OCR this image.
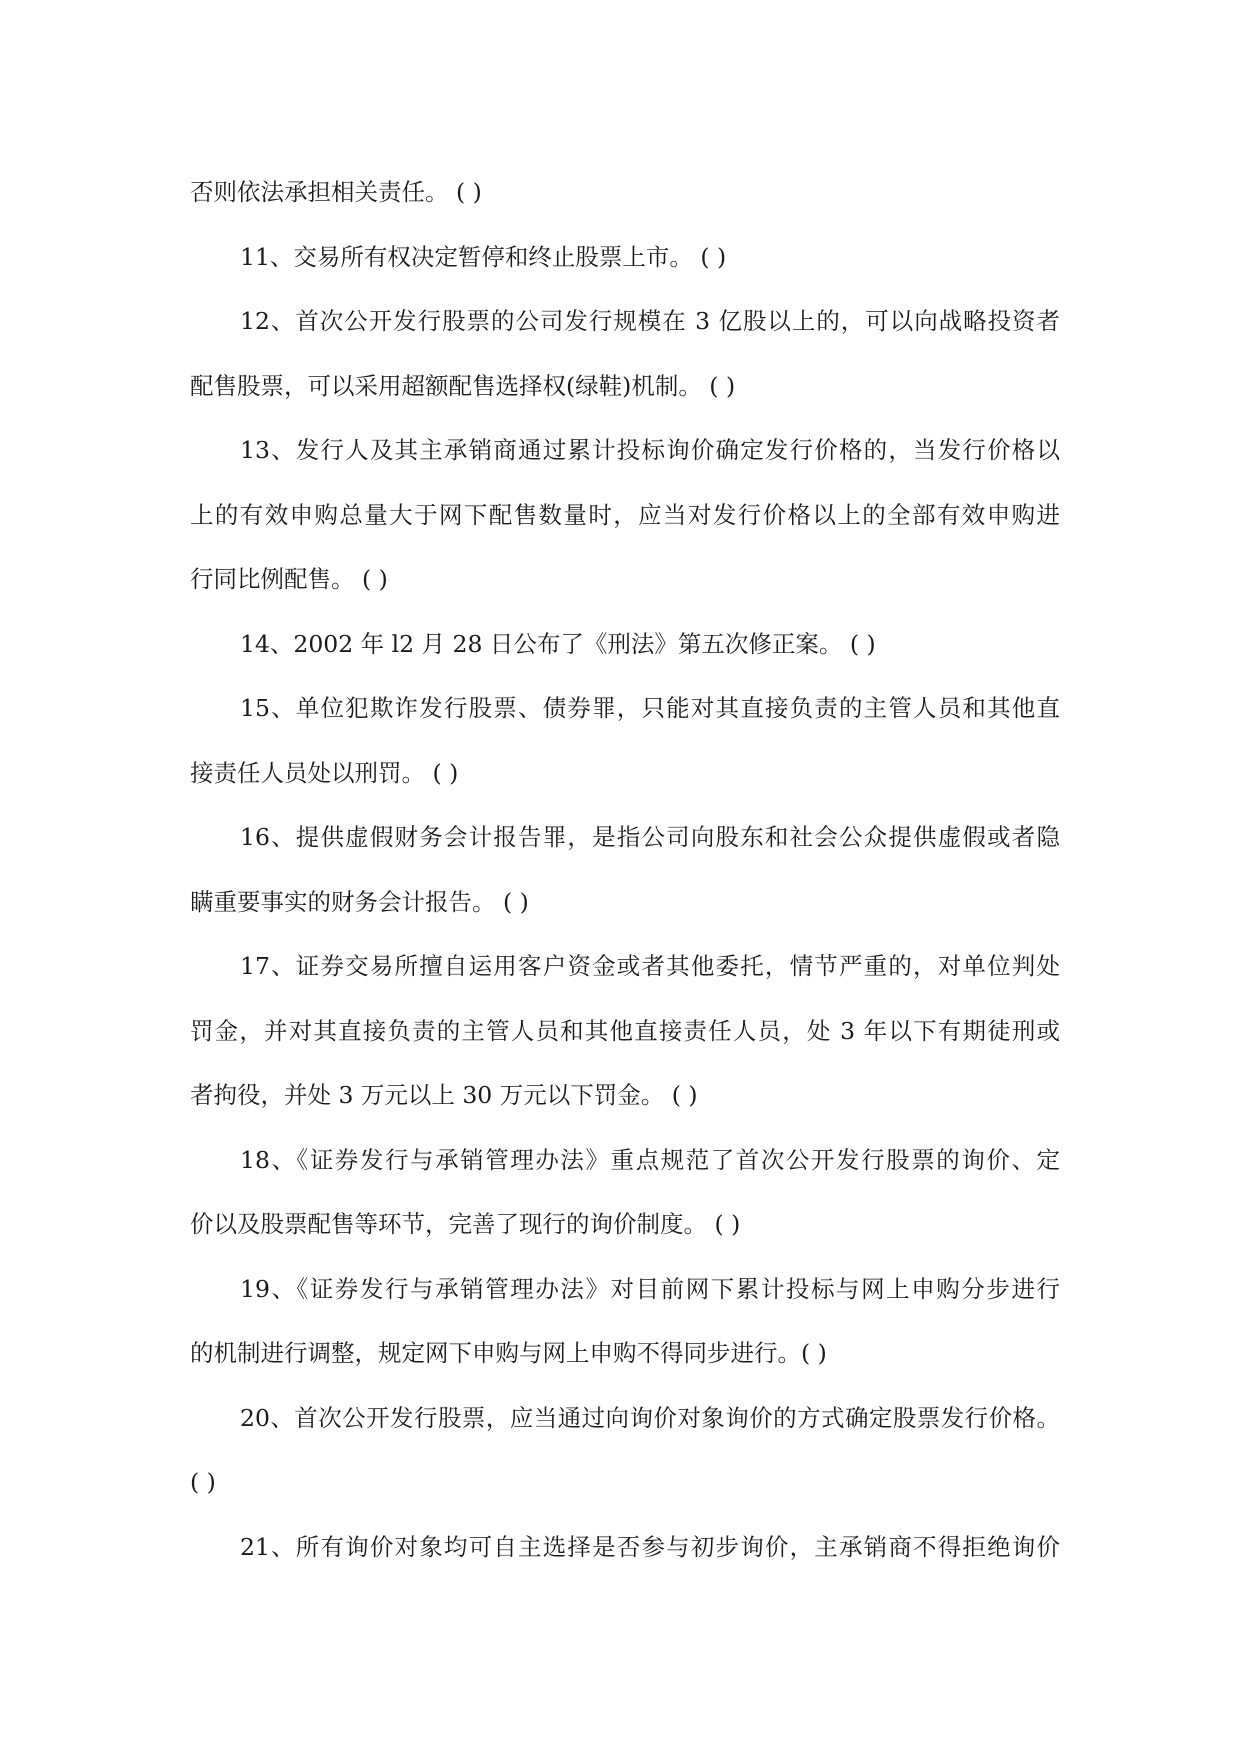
否则依法承担相关责任。 ( )
11、交易所有权决定暂停和终止股票上市。 ( )
12、首次公开发行股票的公司发行规模在 3 亿股以上的，可以向战略投资者
配售股票，可以采用超额配售选择权(绿鞋)机制。 ( )
13、发行人及其主承销商通过累计投标询价确定发行价格的，当发行价格以
上的有效申购总量大于网下配售数量时，应当对发行价格以上的全部有效申购进
行同比例配售。 ( )
14、2002 年 l2 月 28 日公布了《刑法》第五次修正案。 ( )
15、单位犯欺诈发行股票、债券罪，只能对其直接负责的主管人员和其他直
接责任人员处以刑罚。 ( )
16、提供虚假财务会计报告罪，是指公司向股东和社会公众提供虚假或者隐
瞒重要事实的财务会计报告。 ( )
17、证券交易所擅自运用客户资金或者其他委托，情节严重的，对单位判处
罚金，并对其直接负责的主管人员和其他直接责任人员，处 3 年以下有期徒刑或
者拘役，并处 3 万元以上 30 万元以下罚金。 ( )
18、《证券发行与承销管理办法》重点规范了首次公开发行股票的询价、定
价以及股票配售等环节，完善了现行的询价制度。 ( )
19、《证券发行与承销管理办法》对目前网下累计投标与网上申购分步进行
的机制进行调整，规定网下申购与网上申购不得同步进行。( )
20、首次公开发行股票，应当通过向询价对象询价的方式确定股票发行价格。
( )
21、所有询价对象均可自主选择是否参与初步询价，主承销商不得拒绝询价
